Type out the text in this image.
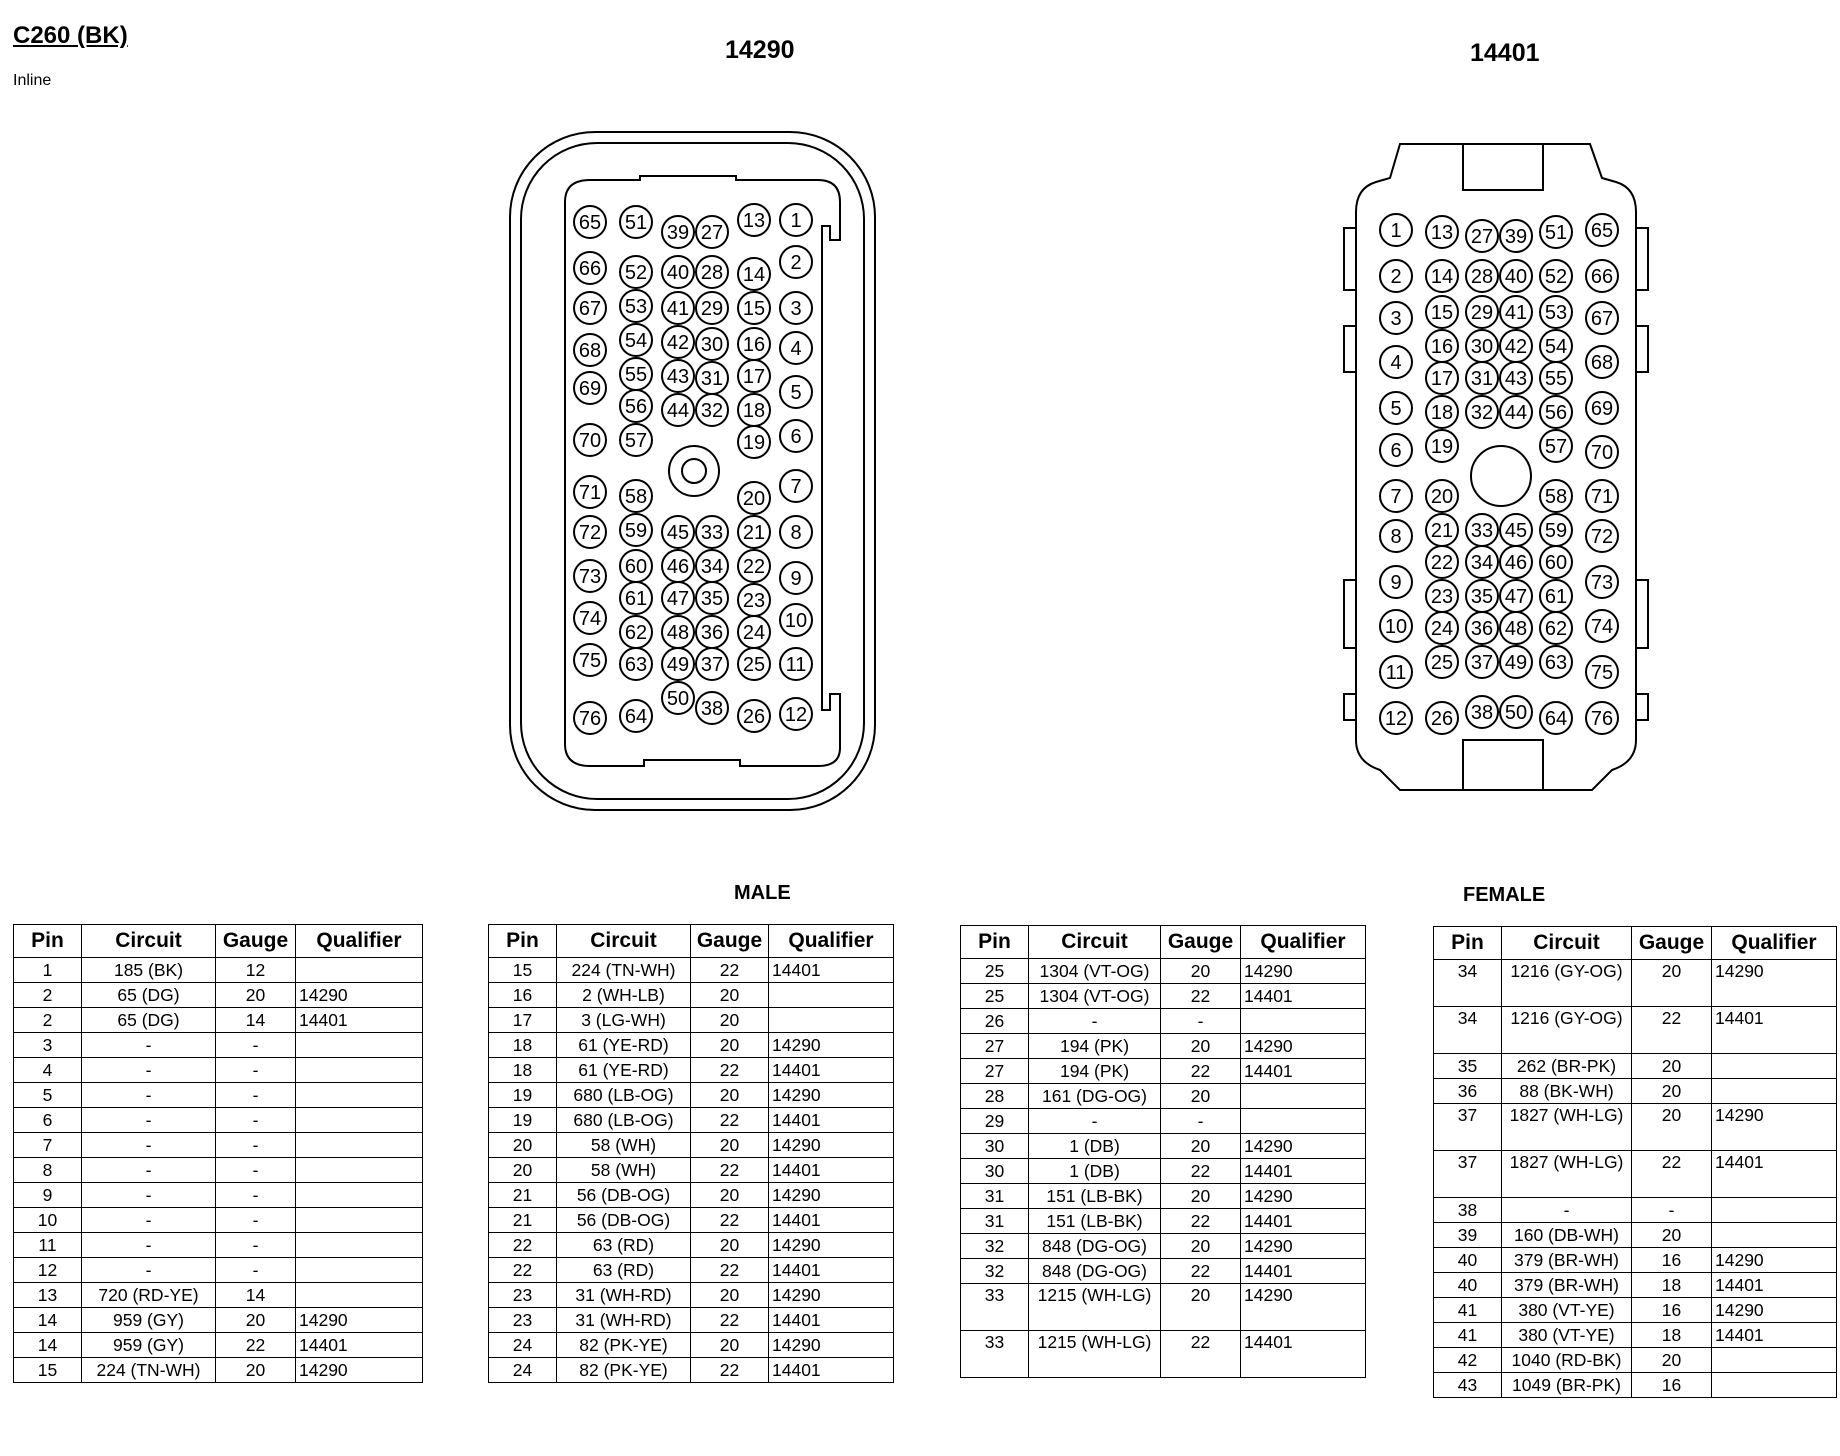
C260 (BK)
Inline
14290	14401
MALE	FEMALE
65 51 39 27
13 1
66 52 40 28 14
2
67 53 41 29 15 3
68 54 42 30 16 4
69
55 43 31 17
5
56 44 32 18
70 57	19 6
71 58	20
7
72 59 45 33 21 8
60 46 34 22
73	9
61 47 35 23
74	10
62 48 36 24
75 63 49 37 25 11
50 38
76 64	26 12
1 13 27 39 51 65
2 14 28 40 52 66
3 15 29 41 53 67
4
16 30 42 54
68
17 31 43 55
5 18 32 44 56 69
6 19	57 70
7 20	58 71
8 21 33 45 59 72
22 34 46 60
9
23 35 47 61
73
10 24 36 48 62 74
11 25 37 49 63 75
12 26 38 50 64 76
Pin	Circuit	Gauge	Qualifier
1	185 (BK)	12	
2	65 (DG)	20	14290
2	65 (DG)	14	14401
3	-	-	
4	-	-	
5	-	-	
6	-	-	
7	-	-	
8	-	-	
9	-	-	
10	-	-	
11	-	-	
12	-	-	
13	720 (RD-YE)	14	
14	959 (GY)	20	14290
14	959 (GY)	22	14401
15	224 (TN-WH)	20	14290
Pin	Circuit	Gauge	Qualifier
15	224 (TN-WH)	22	14401
16	2 (WH-LB)	20	
17	3 (LG-WH)	20	
18	61 (YE-RD)	20	14290
18	61 (YE-RD)	22	14401
19	680 (LB-OG)	20	14290
19	680 (LB-OG)	22	14401
20	58 (WH)	20	14290
20	58 (WH)	22	14401
21	56 (DB-OG)	20	14290
21	56 (DB-OG)	22	14401
22	63 (RD)	20	14290
22	63 (RD)	22	14401
23	31 (WH-RD)	20	14290
23	31 (WH-RD)	22	14401
24	82 (PK-YE)	20	14290
24	82 (PK-YE)	22	14401
Pin	Circuit	Gauge	Qualifier
25	1304 (VT-OG)	20	14290
25	1304 (VT-OG)	22	14401
26	-	-	
27	194 (PK)	20	14290
27	194 (PK)	22	14401
28	161 (DG-OG)	20	
29	-	-	
30	1 (DB)	20	14290
30	1 (DB)	22	14401
31	151 (LB-BK)	20	14290
31	151 (LB-BK)	22	14401
32	848 (DG-OG)	20	14290
32	848 (DG-OG)	22	14401
33	1215 (WH-LG)	20	14290
33	1215 (WH-LG)	22	14401
Pin	Circuit	Gauge	Qualifier
34	1216 (GY-OG)	20	14290
34	1216 (GY-OG)	22	14401
35	262 (BR-PK)	20	
36	88 (BK-WH)	20	
37	1827 (WH-LG)	20	14290
37	1827 (WH-LG)	22	14401
38	-	-	
39	160 (DB-WH)	20	
40	379 (BR-WH)	16	14290
40	379 (BR-WH)	18	14401
41	380 (VT-YE)	16	14290
41	380 (VT-YE)	18	14401
42	1040 (RD-BK)	20	
43	1049 (BR-PK)	16	
